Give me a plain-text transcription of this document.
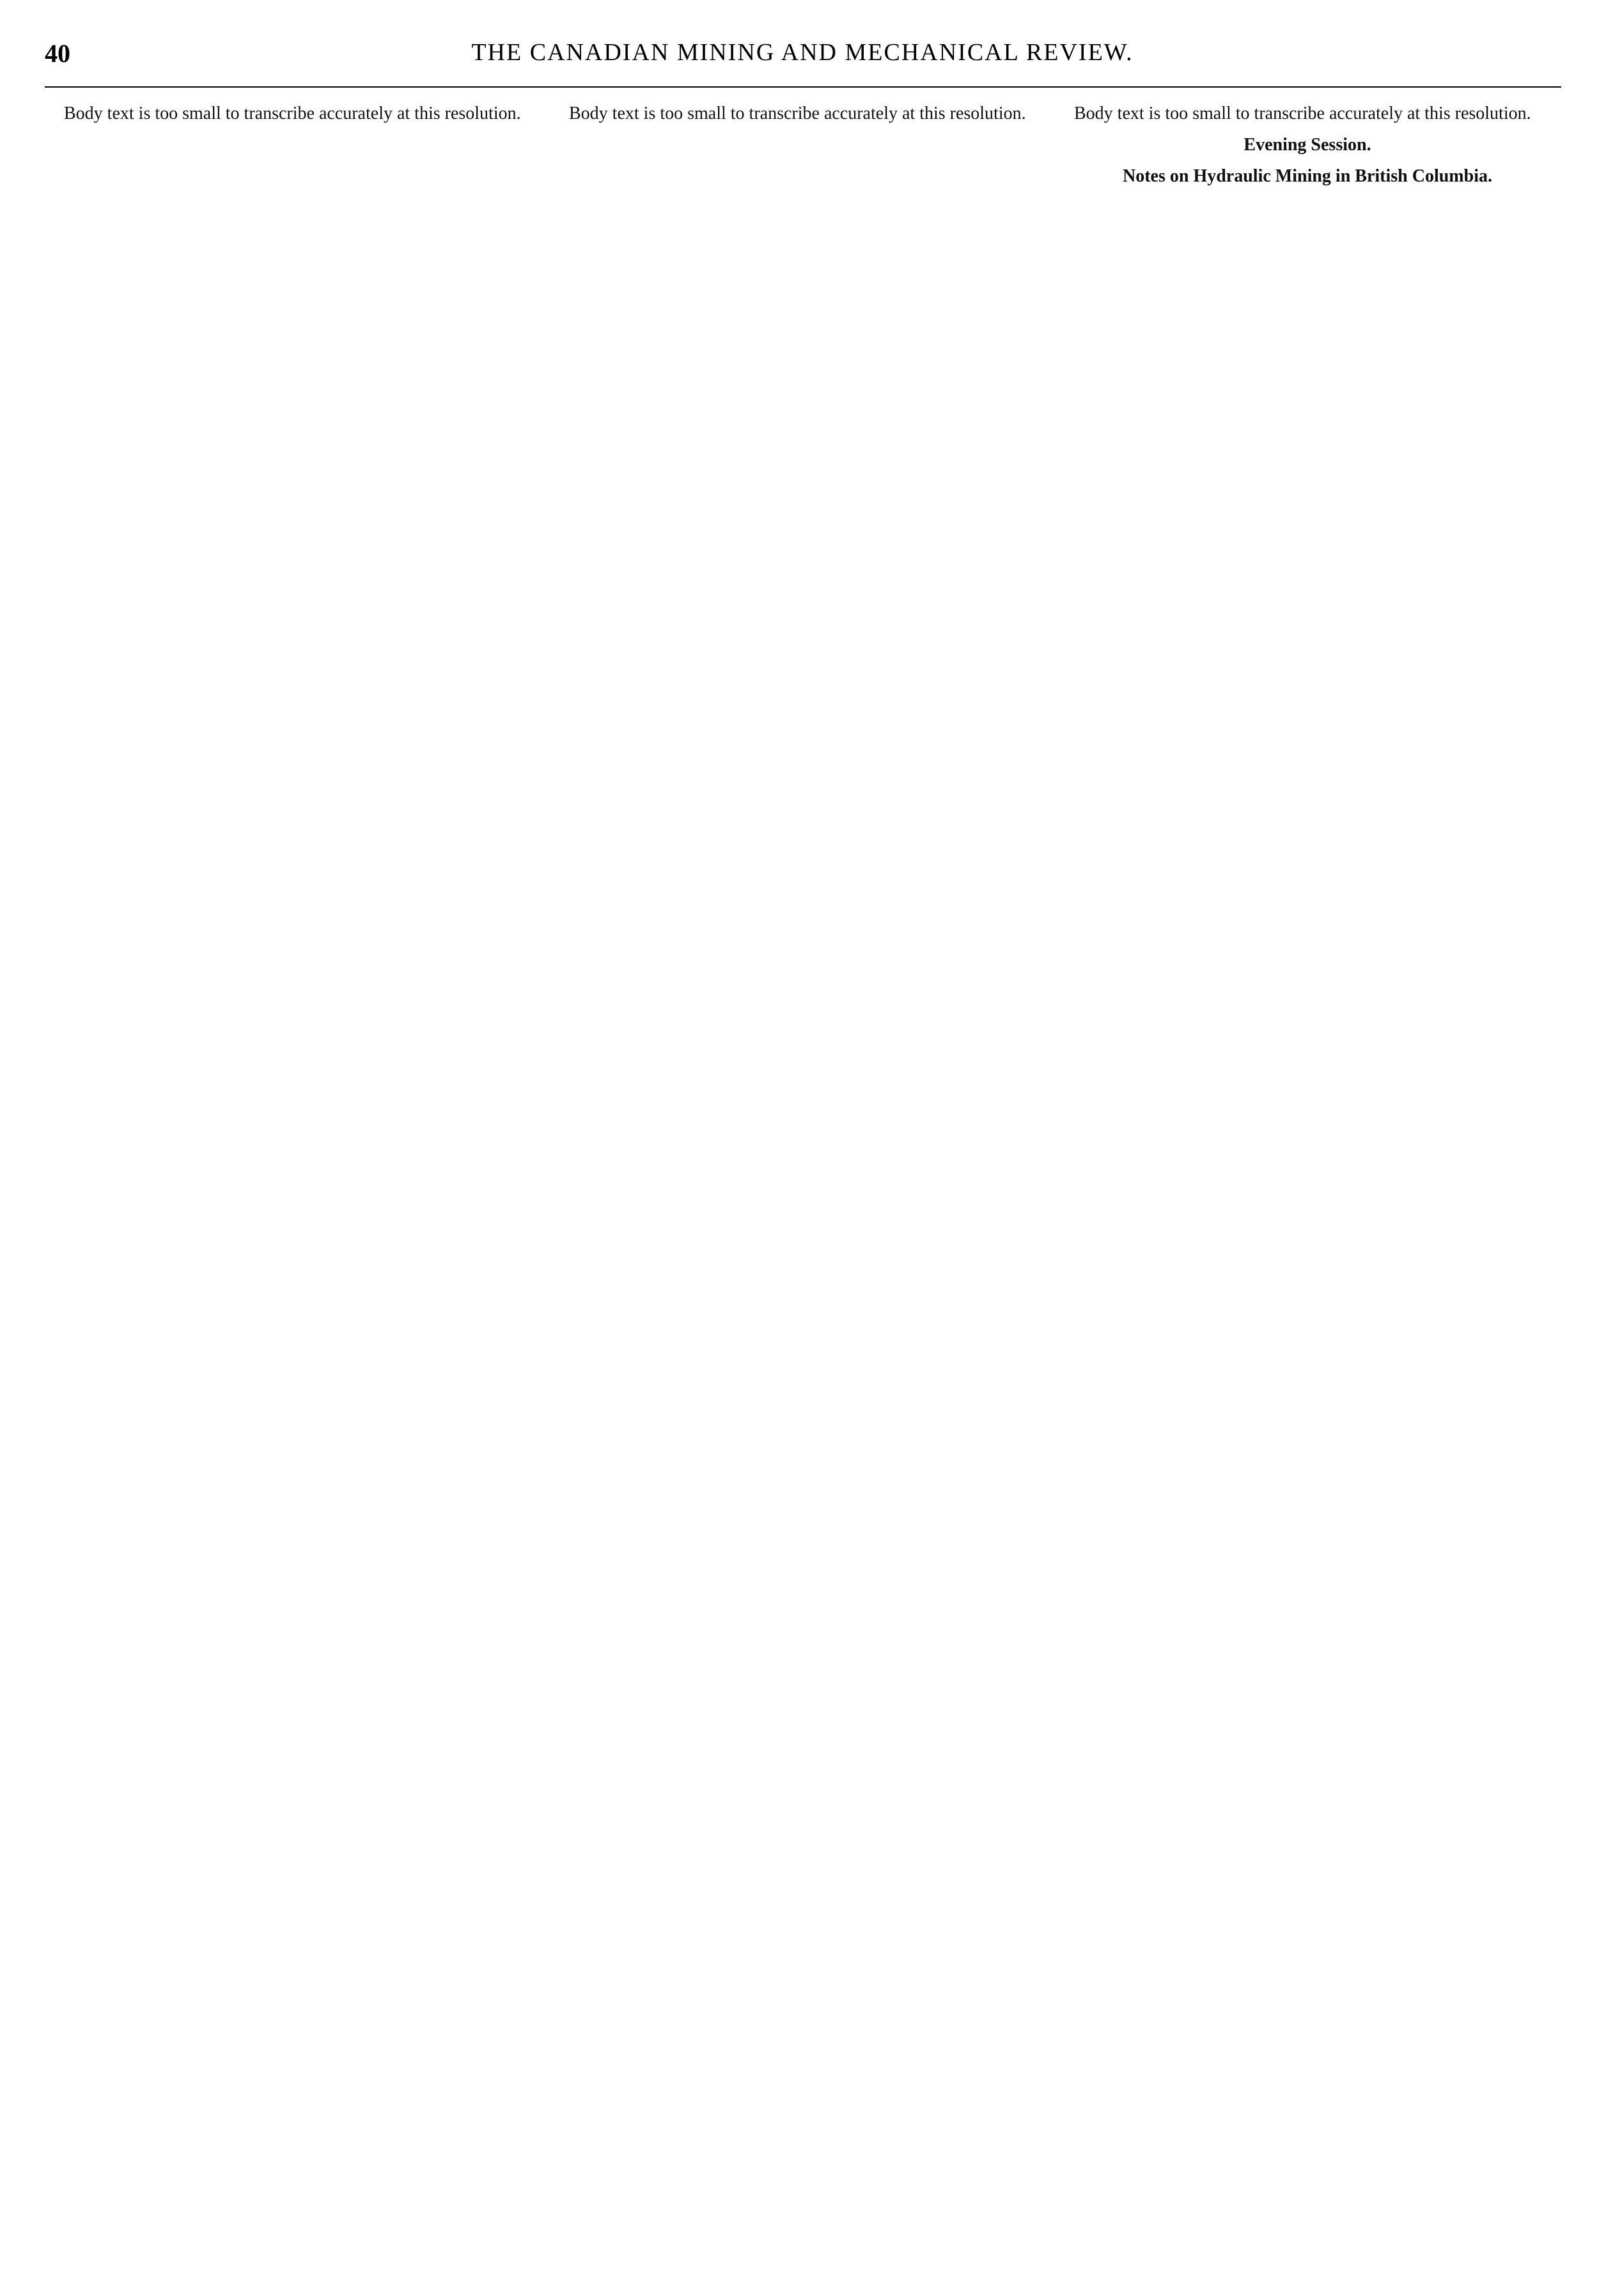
40	THE CANADIAN MINING AND MECHANICAL REVIEW.

Body text is too small to transcribe accurately at this resolution.	Body text is too small to transcribe accurately at this resolution.	Body text is too small to transcribe accurately at this resolution.

Evening Session.

Notes on Hydraulic Mining in British Columbia.
